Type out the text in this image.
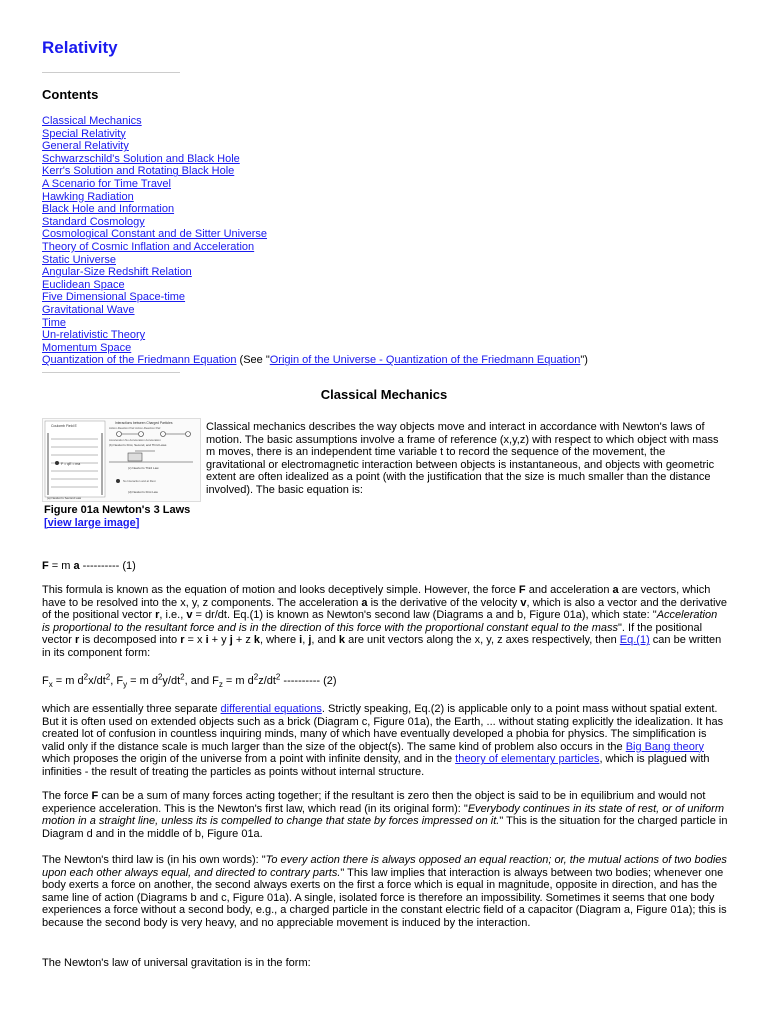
Relativity
Contents
Classical Mechanics
Special Relativity
General Relativity
Schwarzschild's Solution and Black Hole
Kerr's Solution and Rotating Black Hole
A Scenario for Time Travel
Hawking Radiation
Black Hole and Information
Standard Cosmology
Cosmological Constant and de Sitter Universe
Theory of Cosmic Inflation and Acceleration
Static Universe
Angular-Size Redshift Relation
Euclidean Space
Five Dimensional Space-time
Gravitational Wave
Time
Un-relativistic Theory
Momentum Space
Quantization of the Friedmann Equation (See "Origin of the Universe - Quantization of the Friedmann Equation")
Classical Mechanics
Coulomb Field E
F = qE = ma
(a) Newton's Second Law
Interactions between Charged Particles
Action-Reaction Pair Action-Reaction Pair
Acceleration No Acceleration Acceleration
(b) Newton's First, Second, and Third Laws
(c) Newton's Third Law
No Interaction and at Rest
(d) Newton's First Law
Figure 01a Newton's 3 Laws
[view large image]
Classical mechanics describes the way objects move and interact in accordance with Newton's laws of motion. The basic assumptions involve a frame of reference (x,y,z) with respect to which object with mass m moves, there is an independent time variable t to record the sequence of the movement, the gravitational or electromagnetic interaction between objects is instantaneous, and objects with geometric extent are often idealized as a point (with the justification that the size is much smaller than the distance involved). The basic equation is:
F = m a ---------- (1)
This formula is known as the equation of motion and looks deceptively simple. However, the force F and acceleration a are vectors, which have to be resolved into the x, y, z components. The acceleration a is the derivative of the velocity v, which is also a vector and the derivative of the positional vector r, i.e., v = dr/dt. Eq.(1) is known as Newton's second law (Diagrams a and b, Figure 01a), which state: "Acceleration is proportional to the resultant force and is in the direction of this force with the proportional constant equal to the mass". If the positional vector r is decomposed into r = x i + y j + z k, where i, j, and k are unit vectors along the x, y, z axes respectively, then Eq.(1) can be written in its component form:
$F_x = m$ $d^2x/dt^2$, $F_y = m$ $d^2y/dt^2$, and $F_z = m$ $d^2z/dt^2$ ---------- (2)
which are essentially three separate differential equations. Strictly speaking, Eq.(2) is applicable only to a point mass without spatial extent. But it is often used on extended objects such as a brick (Diagram c, Figure 01a), the Earth, ... without stating explicitly the idealization. It has created lot of confusion in countless inquiring minds, many of which have eventually developed a phobia for physics. The simplification is valid only if the distance scale is much larger than the size of the object(s). The same kind of problem also occurs in the Big Bang theory which proposes the origin of the universe from a point with infinite density, and in the theory of elementary particles, which is plagued with infinities - the result of treating the particles as points without internal structure.
The force F can be a sum of many forces acting together; if the resultant is zero then the object is said to be in equilibrium and would not experience acceleration. This is the Newton's first law, which read (in its original form): "Everybody continues in its state of rest, or of uniform motion in a straight line, unless its is compelled to change that state by forces impressed on it." This is the situation for the charged particle in Diagram d and in the middle of b, Figure 01a.
The Newton's third law is (in his own words): "To every action there is always opposed an equal reaction; or, the mutual actions of two bodies upon each other always equal, and directed to contrary parts." This law implies that interaction is always between two bodies; whenever one body exerts a force on another, the second always exerts on the first a force which is equal in magnitude, opposite in direction, and has the same line of action (Diagrams b and c, Figure 01a). A single, isolated force is therefore an impossibility. Sometimes it seems that one body experiences a force without a second body, e.g., a charged particle in the constant electric field of a capacitor (Diagram a, Figure 01a); this is because the second body is very heavy, and no appreciable movement is induced by the interaction.
The Newton's law of universal gravitation is in the form:
